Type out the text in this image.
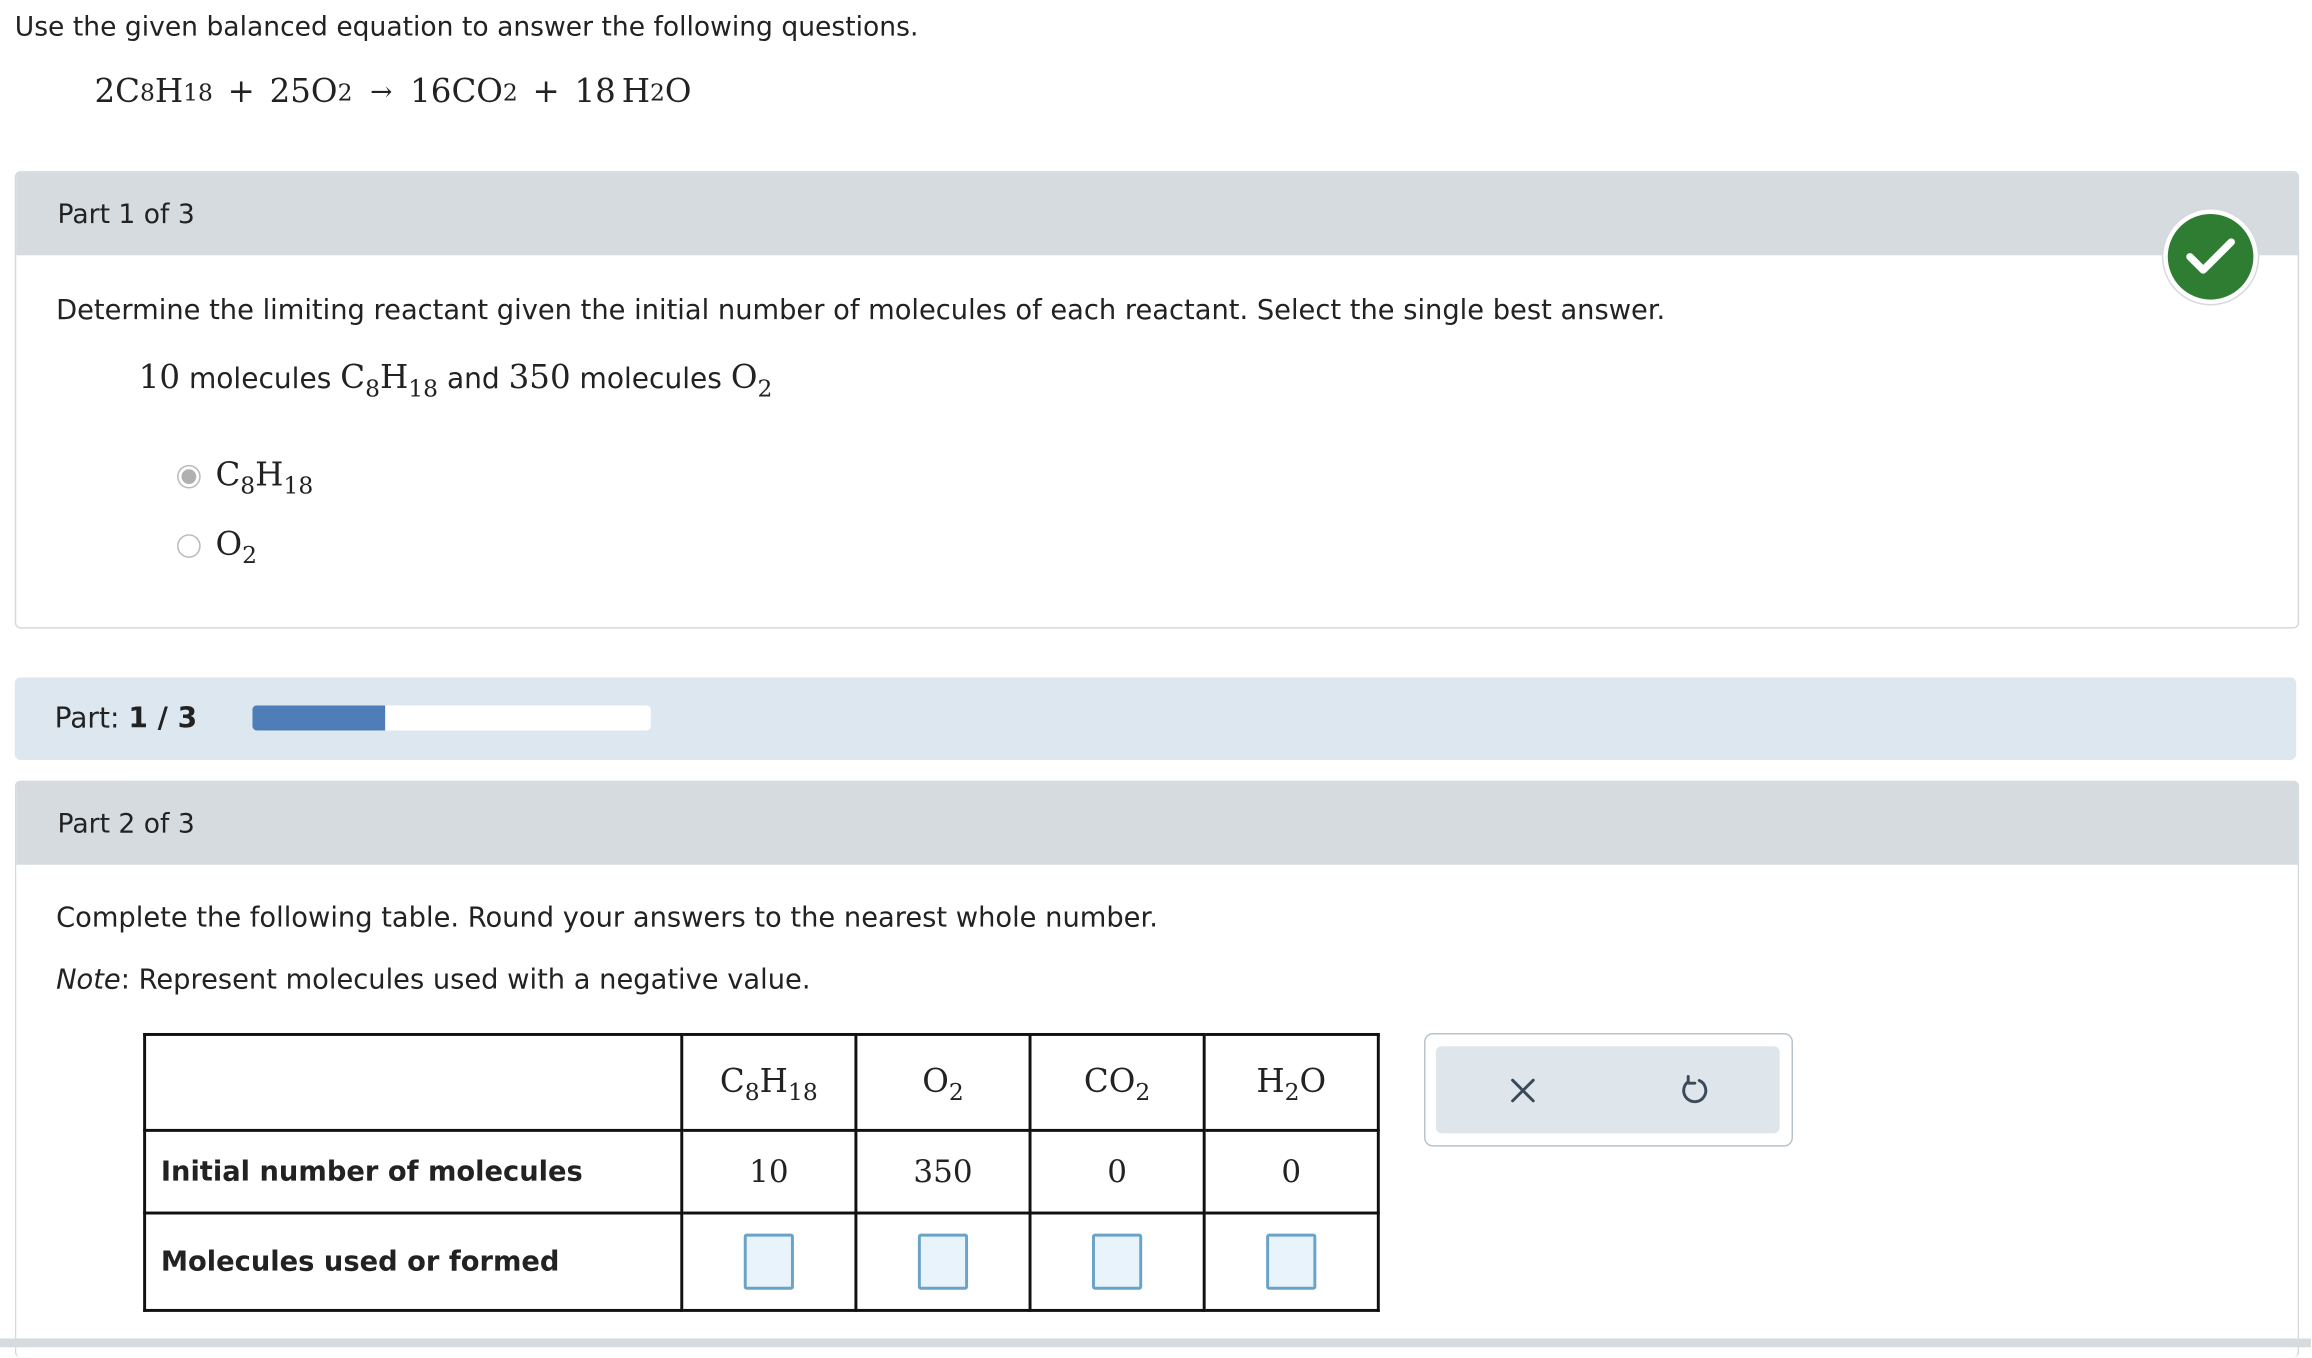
Use the given balanced equation to answer the following questions.
2 C 8 H 18 + 25 O 2 → 16 CO 2 + 18 H 2 O
Part 1 of 3
Determine the limiting reactant given the initial number of molecules of each reactant. Select the single best answer.
10
molecules
$C_8H_{18}$
and
350
molecules
$O_2$
$C_8H_{18}$
$O_2$
Part: 1 / 3
Part 2 of 3
Complete the following table. Round your answers to the nearest whole number.
Note: Represent molecules used with a negative value.
	$C_8H_{18}$	$O_2$	$CO_2$	$H_2O$
Initial number of molecules	10	350	0	0
Molecules used or formed				
